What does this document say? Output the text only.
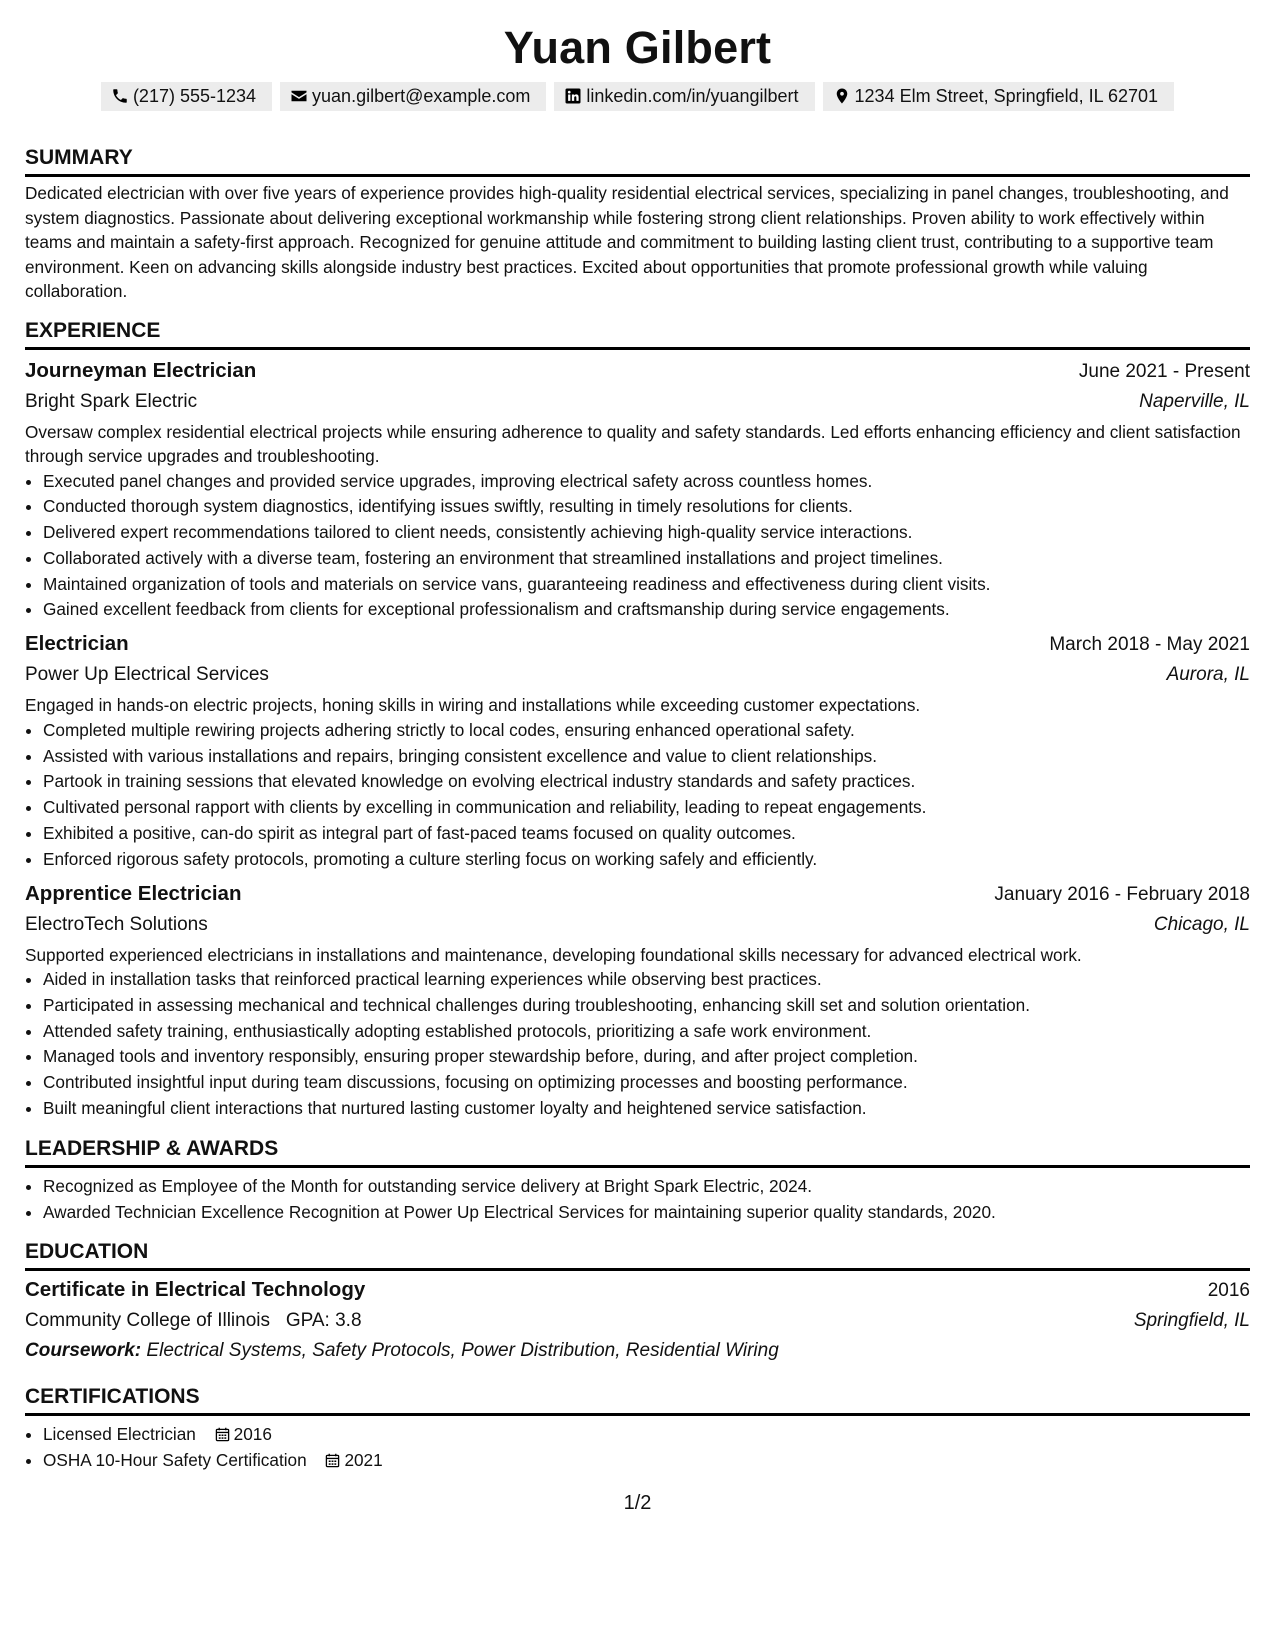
Yuan Gilbert
(217) 555-1234	yuan.gilbert@example.com	linkedin.com/in/yuangilbert	1234 Elm Street, Springfield, IL 62701
SUMMARY

Dedicated electrician with over five years of experience provides high-quality residential electrical services, specializing in panel changes, troubleshooting, and system diagnostics. Passionate about delivering exceptional workmanship while fostering strong client relationships. Proven ability to work effectively within teams and maintain a safety-first approach. Recognized for genuine attitude and commitment to building lasting client trust, contributing to a supportive team environment. Keen on advancing skills alongside industry best practices. Excited about opportunities that promote professional growth while valuing collaboration.

EXPERIENCE
Journeyman Electrician	June 2021 - Present
Bright Spark Electric	Naperville, IL

Oversaw complex residential electrical projects while ensuring adherence to quality and safety standards. Led efforts enhancing efficiency and client satisfaction through service upgrades and troubleshooting.

• Executed panel changes and provided service upgrades, improving electrical safety across countless homes.
• Conducted thorough system diagnostics, identifying issues swiftly, resulting in timely resolutions for clients.
• Delivered expert recommendations tailored to client needs, consistently achieving high-quality service interactions.
• Collaborated actively with a diverse team, fostering an environment that streamlined installations and project timelines.
• Maintained organization of tools and materials on service vans, guaranteeing readiness and effectiveness during client visits.
• Gained excellent feedback from clients for exceptional professionalism and craftsmanship during service engagements.
Electrician	March 2018 - May 2021
Power Up Electrical Services	Aurora, IL

Engaged in hands-on electric projects, honing skills in wiring and installations while exceeding customer expectations.

• Completed multiple rewiring projects adhering strictly to local codes, ensuring enhanced operational safety.
• Assisted with various installations and repairs, bringing consistent excellence and value to client relationships.
• Partook in training sessions that elevated knowledge on evolving electrical industry standards and safety practices.
• Cultivated personal rapport with clients by excelling in communication and reliability, leading to repeat engagements.
• Exhibited a positive, can-do spirit as integral part of fast-paced teams focused on quality outcomes.
• Enforced rigorous safety protocols, promoting a culture sterling focus on working safely and efficiently.
Apprentice Electrician	January 2016 - February 2018
ElectroTech Solutions	Chicago, IL

Supported experienced electricians in installations and maintenance, developing foundational skills necessary for advanced electrical work.

• Aided in installation tasks that reinforced practical learning experiences while observing best practices.
• Participated in assessing mechanical and technical challenges during troubleshooting, enhancing skill set and solution orientation.
• Attended safety training, enthusiastically adopting established protocols, prioritizing a safe work environment.
• Managed tools and inventory responsibly, ensuring proper stewardship before, during, and after project completion.
• Contributed insightful input during team discussions, focusing on optimizing processes and boosting performance.
• Built meaningful client interactions that nurtured lasting customer loyalty and heightened service satisfaction.
LEADERSHIP & AWARDS
• Recognized as Employee of the Month for outstanding service delivery at Bright Spark Electric, 2024.
• Awarded Technician Excellence Recognition at Power Up Electrical Services for maintaining superior quality standards, 2020.
EDUCATION
Certificate in Electrical Technology	2016
Community College of Illinois GPA: 3.8	Springfield, IL
Coursework: Electrical Systems, Safety Protocols, Power Distribution, Residential Wiring
CERTIFICATIONS
• Licensed Electrician 2016
• OSHA 10-Hour Safety Certification 2021
1/2
